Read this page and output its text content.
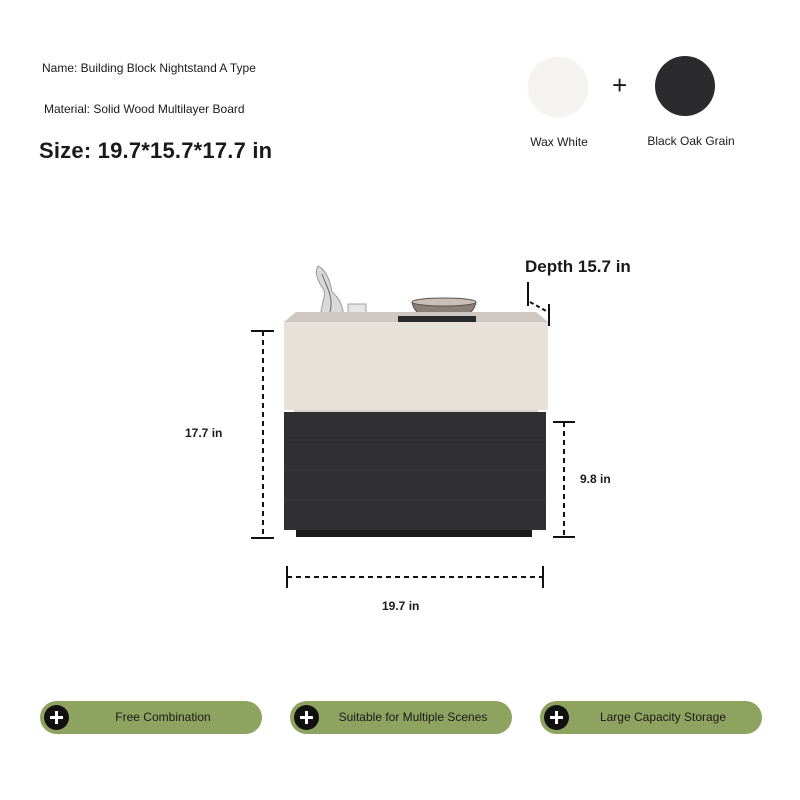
Name: Building Block Nightstand A Type
Material: Solid Wood Multilayer Board
Size: 19.7*15.7*17.7 in
+
Wax White	Black Oak Grain
Depth 15.7 in
17.7 in
9.8 in
19.7 in
Free Combination	Suitable for Multiple Scenes	Large Capacity Storage
